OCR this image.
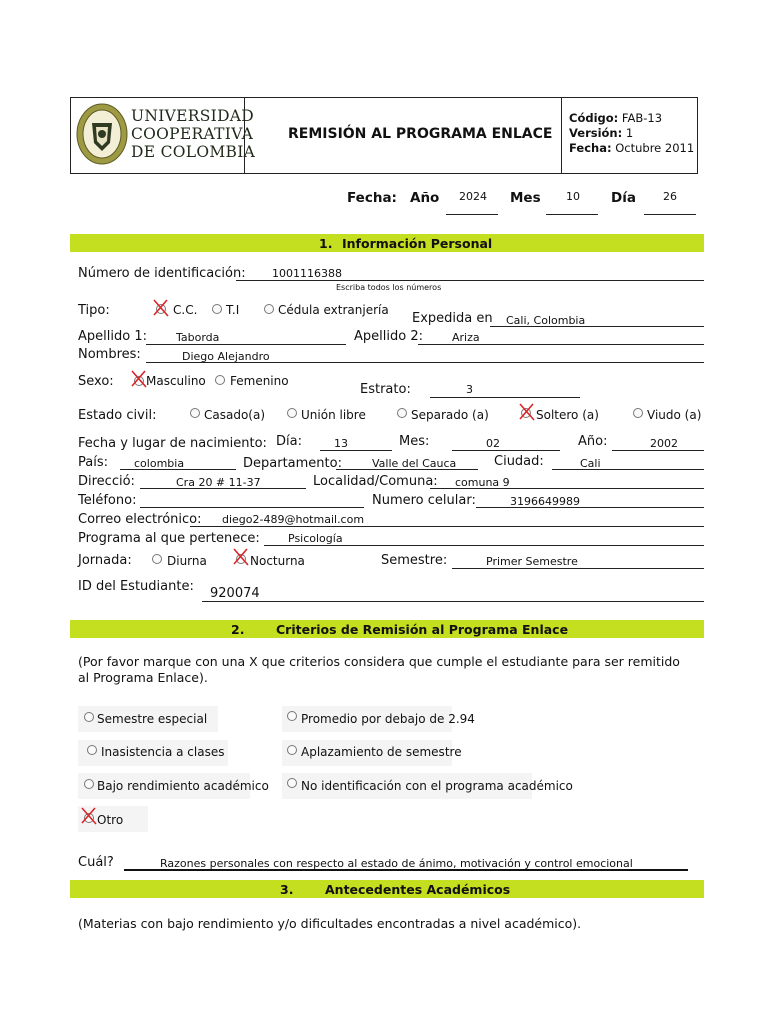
UNIVERSIDAD
COOPERATIVA
DE COLOMBIA
REMISIÓN AL PROGRAMA ENLACE
Código: FAB-13
Versión: 1
Fecha: Octubre 2011
Fecha: Año 2024 Mes 10 Día 26
1. Información Personal
Número de identificación: 1001116388
Escriba todos los números
Tipo:	C.C. T.I	Cédula extranjería
Expedida en Cali, Colombia
Apellido 1:	Taborda	Apellido 2:	Ariza
Nombres:	Diego Alejandro
Sexo:	Masculino Femenino
Estrato:	3
Estado civil:	Casado(a)	Unión libre	Separado (a)	Soltero (a)	Viudo (a)
Fecha y lugar de nacimiento: Día:	13	Mes:	02	Año:	2002
País: colombia	Departamento:	Valle del Cauca	Ciudad:	Cali
Direcció:	Cra 20 # 11-37	Localidad/Comuna: comuna 9
Teléfono:	Numero celular:	3196649989
Correo electrónico: diego2-489@hotmail.com
Programa al que pertenece:	Psicología
Jornada:	Diurna	Nocturna	Semestre:	Primer Semestre
ID del Estudiante: 920074
2.	Criterios de Remisión al Programa Enlace
(Por favor marque con una X que criterios considera que cumple el estudiante para ser remitido al Programa Enlace).
Semestre especial	Promedio por debajo de 2.94
Inasistencia a clases	Aplazamiento de semestre
Bajo rendimiento académico	No identificación con el programa académico
Otro
Cuál?	Razones personales con respecto al estado de ánimo, motivación y control emocional
3.	Antecedentes Académicos
(Materias con bajo rendimiento y/o dificultades encontradas a nivel académico).
